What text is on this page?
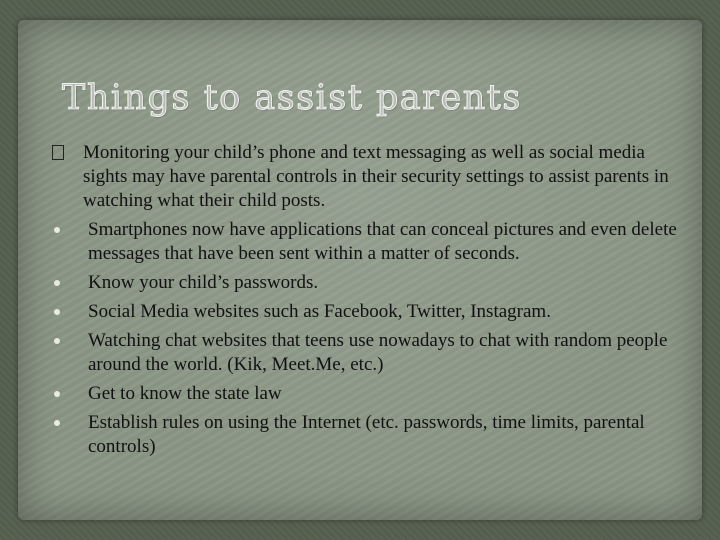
Things to assist parents
Monitoring your child’s phone and text messaging as well as social media sights may have parental controls in their security settings to assist parents in watching what their child posts.
Smartphones now have applications that can conceal pictures and even delete messages that have been sent within a matter of seconds.
Know your child’s passwords.
Social Media websites such as Facebook, Twitter, Instagram.
Watching chat websites that teens use nowadays to chat with random people around the world. (Kik, Meet.Me, etc.)
Get to know the state law
Establish rules on using the Internet (etc. passwords, time limits, parental controls)
